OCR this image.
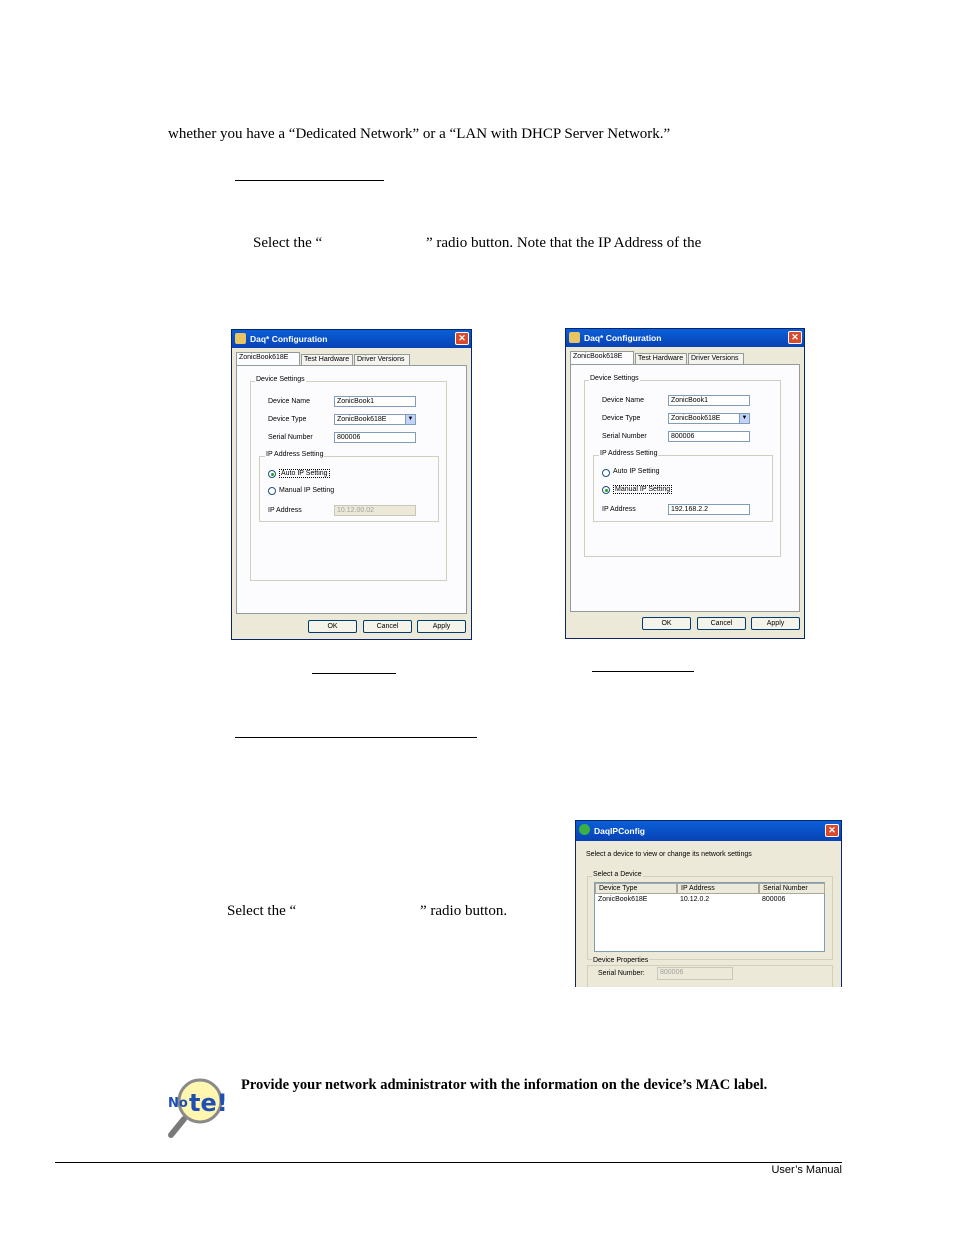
whether you have a “Dedicated Network” or a “LAN with DHCP Server Network.”
Select the “	” radio button. Note that the IP Address of the
Daq* Configuration	✕
ZonicBook618E	Test Hardware	Driver Versions
Device Settings
Device Name	ZonicBook1
Device Type	ZonicBook618E	▼
Serial Number	800006
IP Address Setting
Auto IP Setting
Manual IP Setting
IP Address	10.12.00.02
OK	Cancel	Apply
Daq* Configuration	✕
ZonicBook618E	Test Hardware	Driver Versions
Device Settings
Device Name	ZonicBook1
Device Type	ZonicBook618E	▼
Serial Number	800006
IP Address Setting
Auto IP Setting
Manual IP Setting
IP Address	192.168.2.2
OK	Cancel	Apply
Select the “	” radio button.
DaqIPConfig	✕
Select a device to view or change its network settings
Select a Device
Device Type	IP Address	Serial Number
ZonicBook618E	10.12.0.2	800006
Device Properties
Serial Number:	800006
No te!
Provide your network administrator with the information on the device’s MAC label.
User’s Manual
